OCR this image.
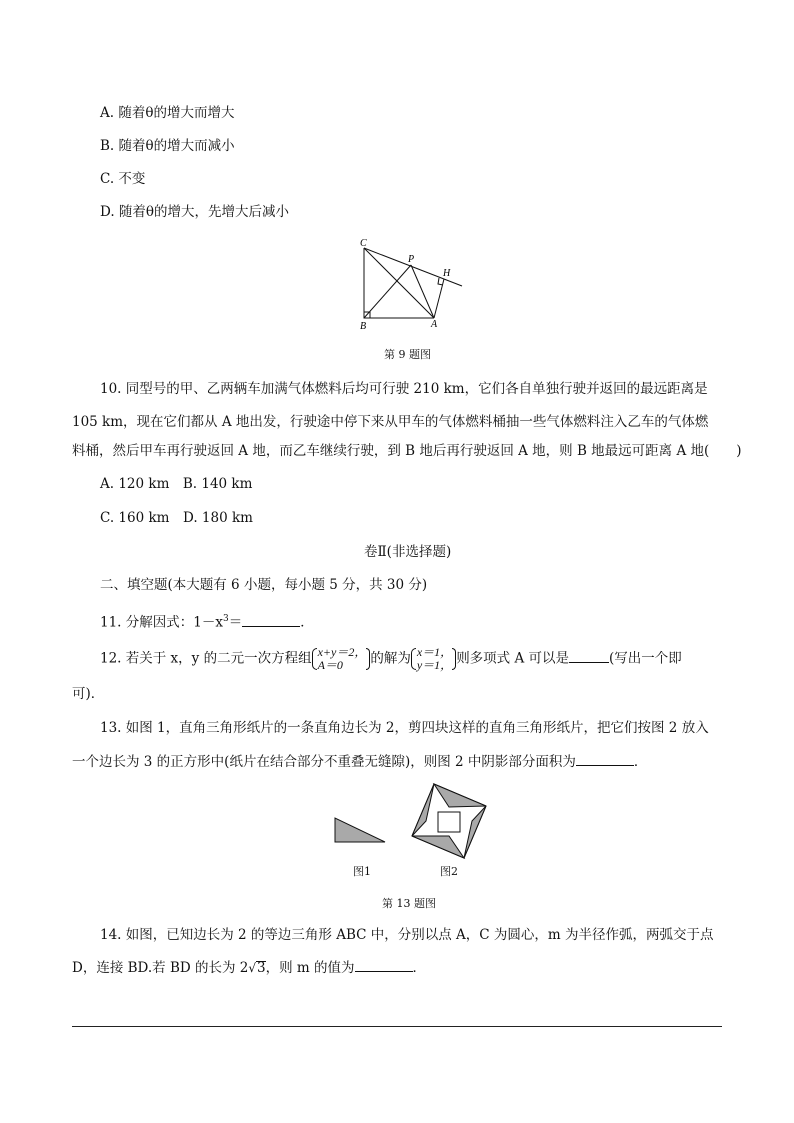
A. 随着θ的增大而增大
B. 随着θ的增大而减小
C. 不变
D. 随着θ的增大，先增大后减小
C
P
H
B	A
第 9 题图
10. 同型号的甲、乙两辆车加满气体燃料后均可行驶 210 km，它们各自单独行驶并返回的最远距离是
105 km，现在它们都从 A 地出发，行驶途中停下来从甲车的气体燃料桶抽一些气体燃料注入乙车的气体燃
料桶，然后甲车再行驶返回 A 地，而乙车继续行驶，到 B 地后再行驶返回 A 地，则 B 地最远可距离 A 地(　　)
A. 120 km　B. 140 km
C. 160 km　D. 180 km
卷Ⅱ(非选择题)
二、填空题(本大题有 6 小题，每小题 5 分，共 30 分)
11. 分解因式：$1-x^3=$	．
12. 若关于 x，y 的二元一次方程组 x+y＝2，
A＝0	的解为 x＝1，
y＝1， 则多项式 A 可以是	(写出一个即
可)．
13. 如图 1，直角三角形纸片的一条直角边长为 2，剪四块这样的直角三角形纸片，把它们按图 2 放入
一个边长为 3 的正方形中(纸片在结合部分不重叠无缝隙)，则图 2 中阴影部分面积为	．
图1	图2
第 13 题图
14. 如图，已知边长为 2 的等边三角形 ABC 中，分别以点 A，C 为圆心，m 为半径作弧，两弧交于点
D，连接 BD.若 BD 的长为 2√3，则 m 的值为	．
